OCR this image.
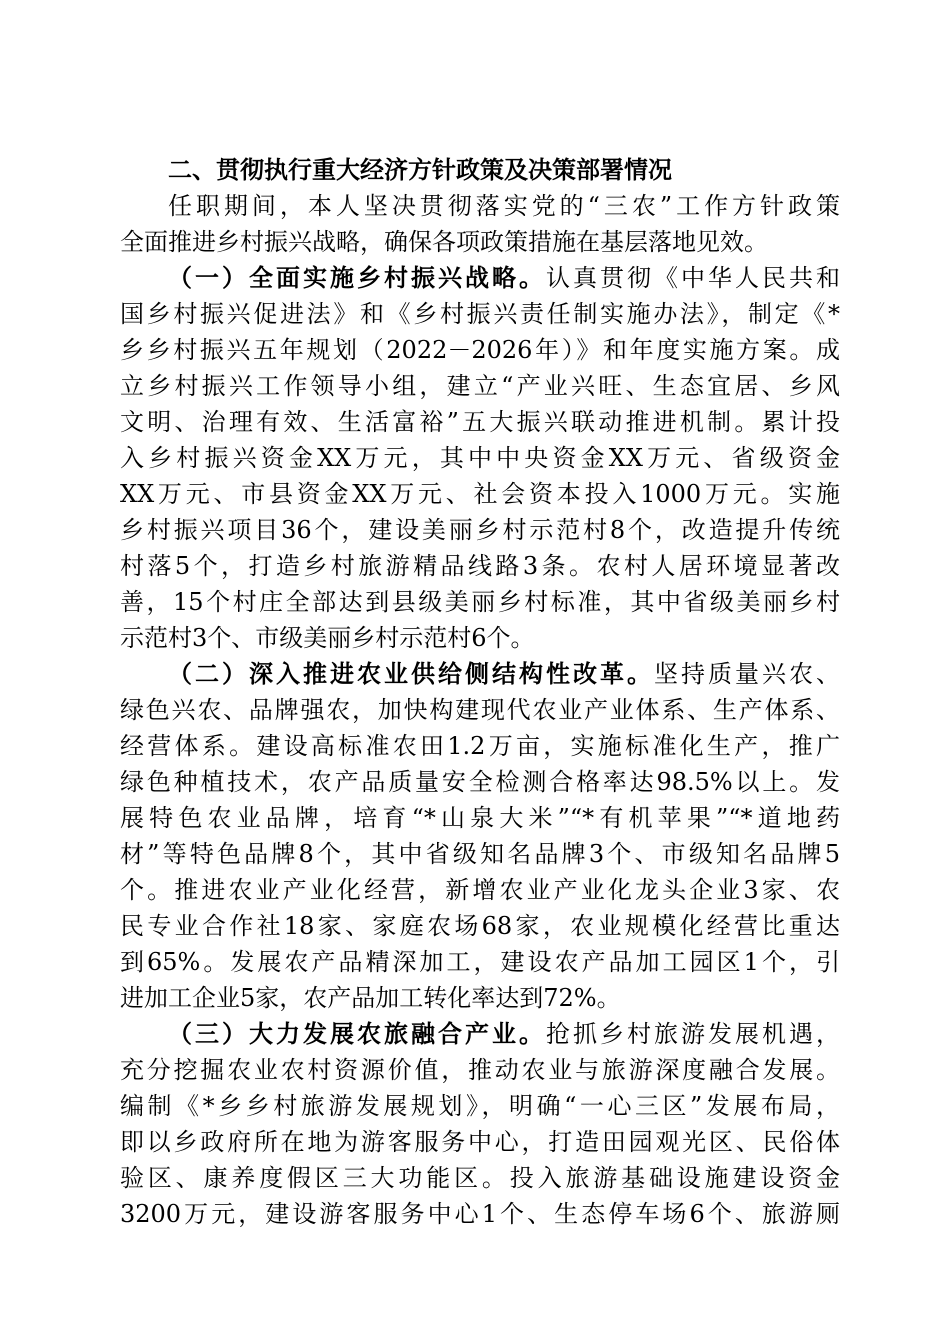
二、贯彻执行重大经济方针政策及决策部署情况
任职期间，本人坚决贯彻落实党的“三农”工作方针政策
全面推进乡村振兴战略，确保各项政策措施在基层落地见效。
（一）全面实施乡村振兴战略。认真贯彻《中华人民共和
国乡村振兴促进法》和《乡村振兴责任制实施办法》，制定《*
乡乡村振兴五年规划（2022－2026年）》和年度实施方案。成
立乡村振兴工作领导小组，建立“产业兴旺、生态宜居、乡风
文明、治理有效、生活富裕”五大振兴联动推进机制。累计投
入乡村振兴资金XX万元，其中中央资金XX万元、省级资金
XX万元、市县资金XX万元、社会资本投入1000万元。实施
乡村振兴项目36个，建设美丽乡村示范村8个，改造提升传统
村落5个，打造乡村旅游精品线路3条。农村人居环境显著改
善，15个村庄全部达到县级美丽乡村标准，其中省级美丽乡村
示范村3个、市级美丽乡村示范村6个。
（二）深入推进农业供给侧结构性改革。坚持质量兴农、
绿色兴农、品牌强农，加快构建现代农业产业体系、生产体系、
经营体系。建设高标准农田1.2万亩，实施标准化生产，推广
绿色种植技术，农产品质量安全检测合格率达98.5%以上。发
展特色农业品牌，培育“*山泉大米”“*有机苹果”“*道地药
材”等特色品牌8个，其中省级知名品牌3个、市级知名品牌5
个。推进农业产业化经营，新增农业产业化龙头企业3家、农
民专业合作社18家、家庭农场68家，农业规模化经营比重达
到65%。发展农产品精深加工，建设农产品加工园区1个，引
进加工企业5家，农产品加工转化率达到72%。
（三）大力发展农旅融合产业。抢抓乡村旅游发展机遇，
充分挖掘农业农村资源价值，推动农业与旅游深度融合发展。
编制《*乡乡村旅游发展规划》，明确“一心三区”发展布局，
即以乡政府所在地为游客服务中心，打造田园观光区、民俗体
验区、康养度假区三大功能区。投入旅游基础设施建设资金
3200万元，建设游客服务中心1个、生态停车场6个、旅游厕
